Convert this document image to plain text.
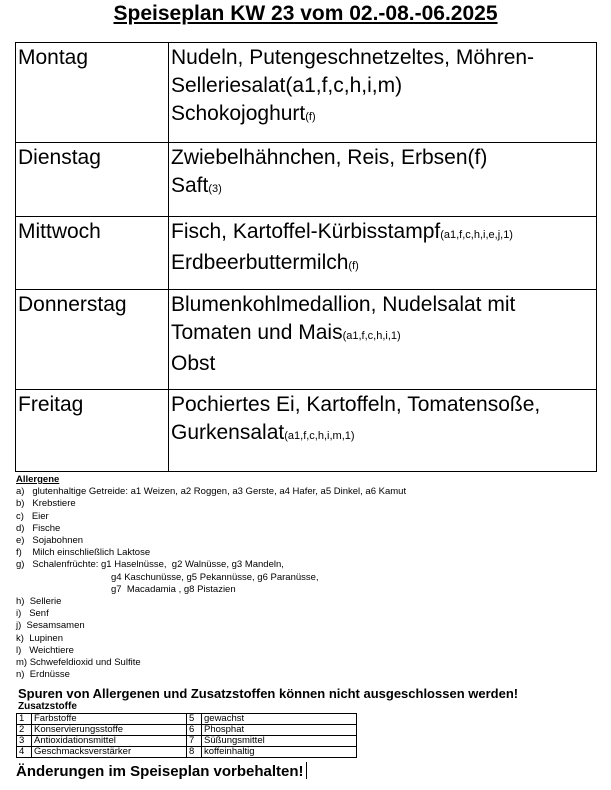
Speiseplan KW 23 vom 02.-08.-06.2025
Montag	Nudeln, Putengeschnetzeltes, Möhren-
Selleriesalat(a1,f,c,h,i,m)
Schokojoghurt(f)

Dienstag	Zwiebelhähnchen, Reis, Erbsen(f)
Saft(3)

Mittwoch	Fisch, Kartoffel-Kürbisstampf(a1,f,c,h,i,e,j,1)
Erdbeerbuttermilch(f)

Donnerstag	Blumenkohlmedallion, Nudelsalat mit
Tomaten und Mais(a1,f,c,h,i,1)
Obst

Freitag	Pochiertes Ei, Kartoffeln, Tomatensoße,
Gurkensalat(a1,f,c,h,i,m,1)
Allergene
a)   glutenhaltige Getreide: a1 Weizen, a2 Roggen, a3 Gerste, a4 Hafer, a5 Dinkel, a6 Kamut
b)   Krebstiere
c)   Eier
d)   Fische
e)   Sojabohnen
f)    Milch einschließlich Laktose
g)   Schalenfrüchte: g1 Haselnüsse,  g2 Walnüsse, g3 Mandeln,
g4 Kaschunüsse, g5 Pekannüsse, g6 Paranüsse,
g7  Macadamia , g8 Pistazien
h)  Sellerie
i)   Senf
j)  Sesamsamen
k)  Lupinen
l)   Weichtiere
m) Schwefeldioxid und Sulfite
n)  Erdnüsse
Spuren von Allergenen und Zusatzstoffen können nicht ausgeschlossen werden!
Zusatzstoffe
1	Farbstoffe	5	gewachst
2	Konservierungsstoffe	6	Phosphat
3	Antioxidationsmittel	7	Süßungsmittel
4	Geschmacksverstärker	8	koffeinhaltig
Änderungen im Speiseplan vorbehalten!
